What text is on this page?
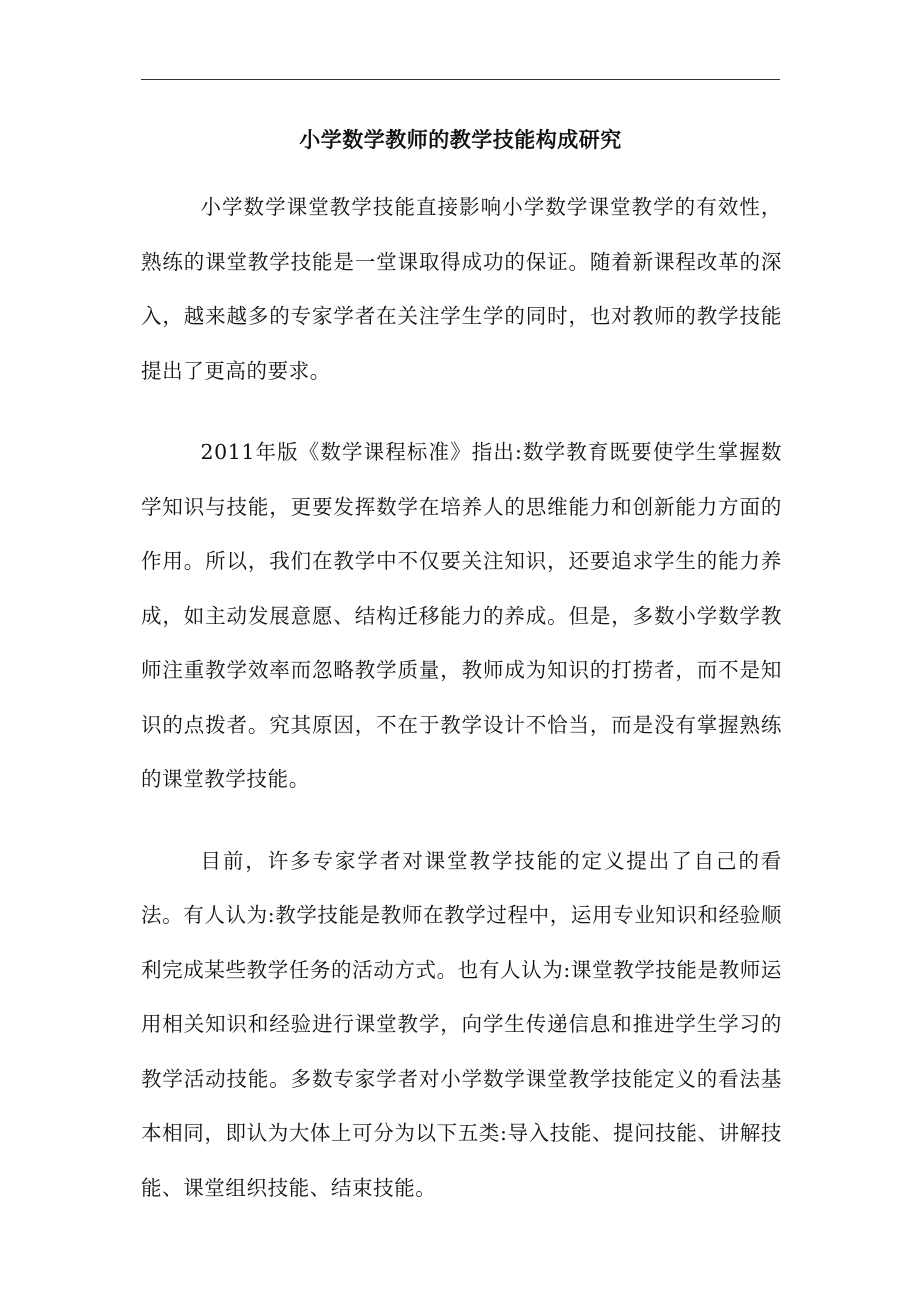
小学数学教师的教学技能构成研究

小学数学课堂教学技能直接影响小学数学课堂教学的有效性，熟练的课堂教学技能是一堂课取得成功的保证。随着新课程改革的深入，越来越多的专家学者在关注学生学的同时，也对教师的教学技能提出了更高的要求。

2011年版《数学课程标准》指出:数学教育既要使学生掌握数学知识与技能，更要发挥数学在培养人的思维能力和创新能力方面的作用。所以，我们在教学中不仅要关注知识，还要追求学生的能力养成，如主动发展意愿、结构迁移能力的养成。但是，多数小学数学教师注重教学效率而忽略教学质量，教师成为知识的打捞者，而不是知识的点拨者。究其原因，不在于教学设计不恰当，而是没有掌握熟练的课堂教学技能。

目前，许多专家学者对课堂教学技能的定义提出了自己的看法。有人认为:教学技能是教师在教学过程中，运用专业知识和经验顺利完成某些教学任务的活动方式。也有人认为:课堂教学技能是教师运用相关知识和经验进行课堂教学，向学生传递信息和推进学生学习的教学活动技能。多数专家学者对小学数学课堂教学技能定义的看法基本相同，即认为大体上可分为以下五类:导入技能、提问技能、讲解技能、课堂组织技能、结束技能。
